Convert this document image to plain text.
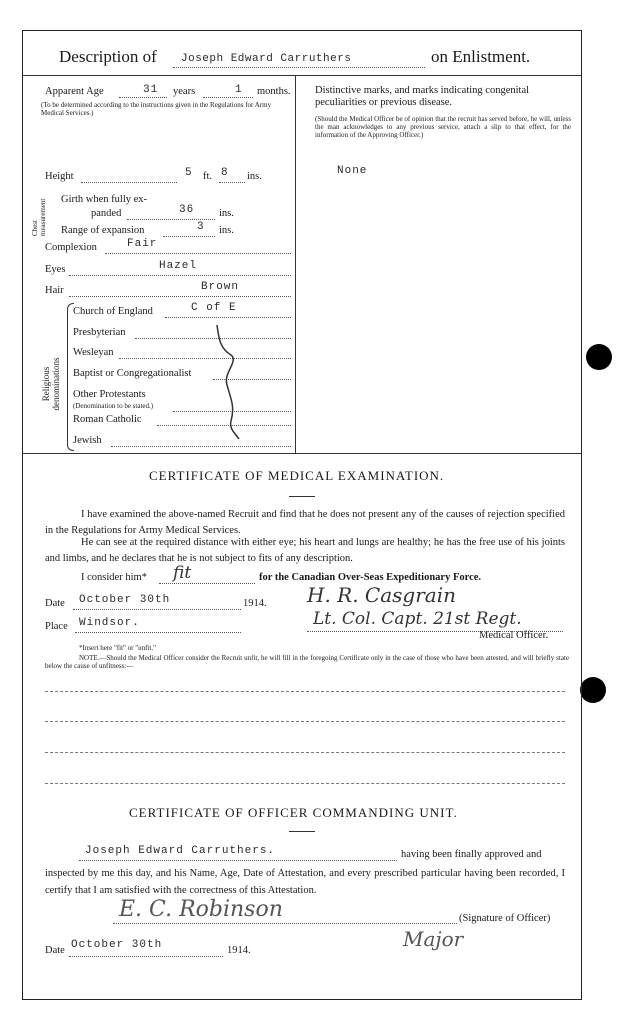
Description of Joseph Edward Carruthers	on Enlistment.
Apparent Age	31 years	1 months.
(To be determined according to the instructions given in the Regulations for Army Medical Services.)
Height	5 ft. 8 ins.
Chest measurement Girth when fully ex-
panded	36 ins.
Range of expansion	3 ins.
Complexion	Fair
Eyes	Hazel
Hair	Brown
Religious denominations
Church of England	C of E
Presbyterian
Wesleyan
Baptist or Congregationalist
Other Protestants
(Denomination to be stated.)
Roman Catholic
Jewish
Distinctive marks, and marks indicating congenital peculiarities or previous disease.
(Should the Medical Officer be of opinion that the recruit has served before, he will, unless the man acknowledges to any previous service, attach a slip to that effect, for the information of the Approving Officer.)
None
CERTIFICATE OF MEDICAL EXAMINATION.
I have examined the above-named Recruit and find that he does not present any of the causes of rejection specified in the Regulations for Army Medical Services.
He can see at the required distance with either eye; his heart and lungs are healthy; he has the free use of his joints and limbs, and he declares that he is not subject to fits of any description.
I consider him* fit	for the Canadian Over-Seas Expeditionary Force.
Date October 30th	1914.
Place Windsor.
H. R. Casgrain
Lt. Col. Capt. 21st Regt.
Medical Officer.
*Insert here "fit" or "unfit."
NOTE.—Should the Medical Officer consider the Recruit unfit, he will fill in the foregoing Certificate only in the case of those who have been attested, and will briefly state below the cause of unfitness:—
CERTIFICATE OF OFFICER COMMANDING UNIT.
Joseph Edward Carruthers.	having been finally approved and
inspected by me this day, and his Name, Age, Date of Attestation, and every prescribed particular having been recorded, I certify that I am satisfied with the correctness of this Attestation.
E. C. Robinson	(Signature of Officer)
Major
Date October 30th	1914.
